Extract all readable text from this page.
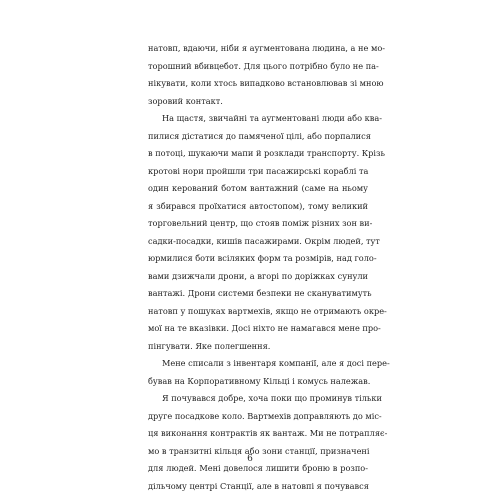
натовп, вдаючи, ніби я аугментована людина, а не мо-
торошний вбивцебот. Для цього потрібно було не па-
нікувати, коли хтось випадково встановлював зі мною
зоровий контакт.
На щастя, звичайні та аугментовані люди або квa-
пилися дістатися до памяченої цілі, або порпалися
в потоці, шукаючи мапи й розклади транспорту. Крізь
кротові нори пройшли три пасажирські кораблі та
один керований ботом вантажний (саме на ньому
я збирався проїхатися автостопом), тому великий
торговельний центр, що стояв поміж різних зон ви-
садки-посадки, кишів пасажирами. Окрім людей, тут
юрмилися боти всіляких форм та розмірів, над голо-
вами дзижчали дрони, а вгорі по доріжках сунули
вантажі. Дрони системи безпеки не скануватимуть
натовп у пошуках вартмехів, якщо не отримають окре-
мої на те вказівки. Досі ніхто не намагався мене про-
пінгувати. Яке полегшення.
Мене списали з інвентаря компанії, але я досі пере-
бував на Корпоративному Кільці і комусь належав.
Я почувався добре, хоча поки що проминув тільки
друге посадкове коло. Вартмехів доправляють до міс-
ця виконання контрактів як вантаж. Ми не потрапляє-
мо в транзитні кільця або зони станції, призначені
для людей. Мені довелося лишити броню в розпо-
дільчому центрі Станції, але в натовпі я почувався
6
